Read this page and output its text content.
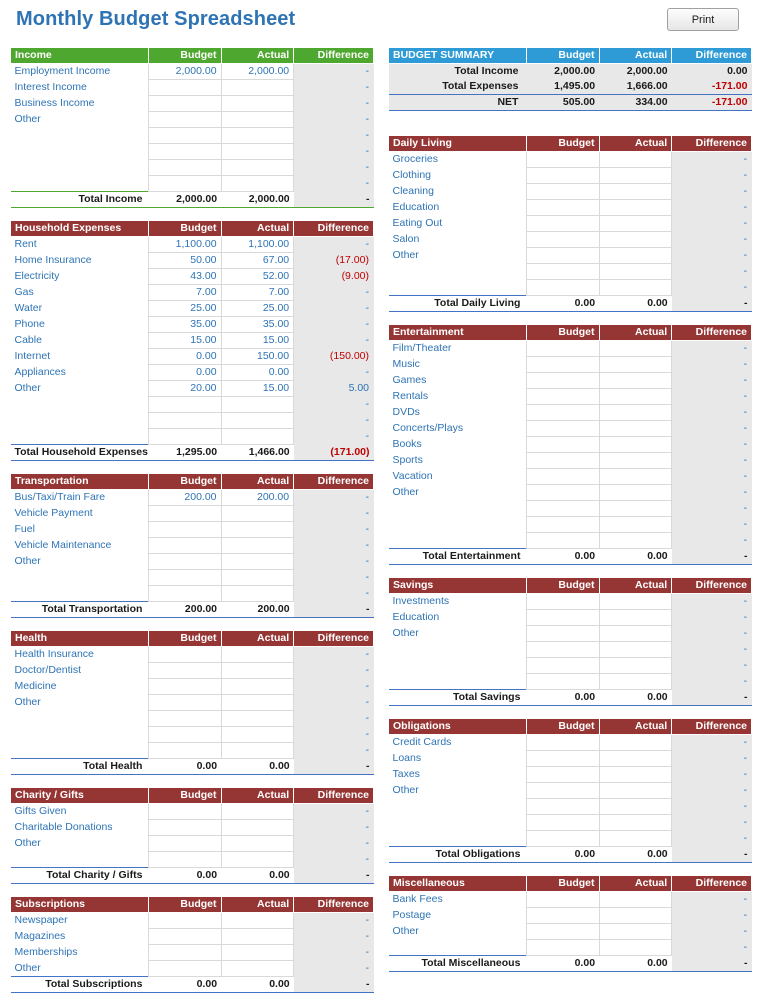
Monthly Budget Spreadsheet	Print
Income	Budget	Actual	Difference
Employment Income	2,000.00	2,000.00	-
Interest Income			-
Business Income			-
Other			-
			-
			-
			-
			-
Total Income	2,000.00	2,000.00	-
Household Expenses	Budget	Actual	Difference
Rent	1,100.00	1,100.00	-
Home Insurance	50.00	67.00	(17.00)
Electricity	43.00	52.00	(9.00)
Gas	7.00	7.00	-
Water	25.00	25.00	-
Phone	35.00	35.00	-
Cable	15.00	15.00	-
Internet	0.00	150.00	(150.00)
Appliances	0.00	0.00	-
Other	20.00	15.00	5.00
			-
			-
			-
Total Household Expenses	1,295.00	1,466.00	(171.00)
Transportation	Budget	Actual	Difference
Bus/Taxi/Train Fare	200.00	200.00	-
Vehicle Payment			-
Fuel			-
Vehicle Maintenance			-
Other			-
			-
			-
Total Transportation	200.00	200.00	-
Health	Budget	Actual	Difference
Health Insurance			-
Doctor/Dentist			-
Medicine			-
Other			-
			-
			-
			-
Total Health	0.00	0.00	-
Charity / Gifts	Budget	Actual	Difference
Gifts Given			-
Charitable Donations			-
Other			-
			-
Total Charity / Gifts	0.00	0.00	-
Subscriptions	Budget	Actual	Difference
Newspaper			-
Magazines			-
Memberships			-
Other			-
Total Subscriptions	0.00	0.00	-
BUDGET SUMMARY	Budget	Actual	Difference
Total Income	2,000.00	2,000.00	0.00
Total Expenses	1,495.00	1,666.00	-171.00
NET	505.00	334.00	-171.00
Daily Living	Budget	Actual	Difference
Groceries			-
Clothing			-
Cleaning			-
Education			-
Eating Out			-
Salon			-
Other			-
			-
			-
Total Daily Living	0.00	0.00	-
Entertainment	Budget	Actual	Difference
Film/Theater			-
Music			-
Games			-
Rentals			-
DVDs			-
Concerts/Plays			-
Books			-
Sports			-
Vacation			-
Other			-
			-
			-
			-
Total Entertainment	0.00	0.00	-
Savings	Budget	Actual	Difference
Investments			-
Education			-
Other			-
			-
			-
			-
Total Savings	0.00	0.00	-
Obligations	Budget	Actual	Difference
Credit Cards			-
Loans			-
Taxes			-
Other			-
			-
			-
			-
Total Obligations	0.00	0.00	-
Miscellaneous	Budget	Actual	Difference
Bank Fees			-
Postage			-
Other			-
			-
Total Miscellaneous	0.00	0.00	-
